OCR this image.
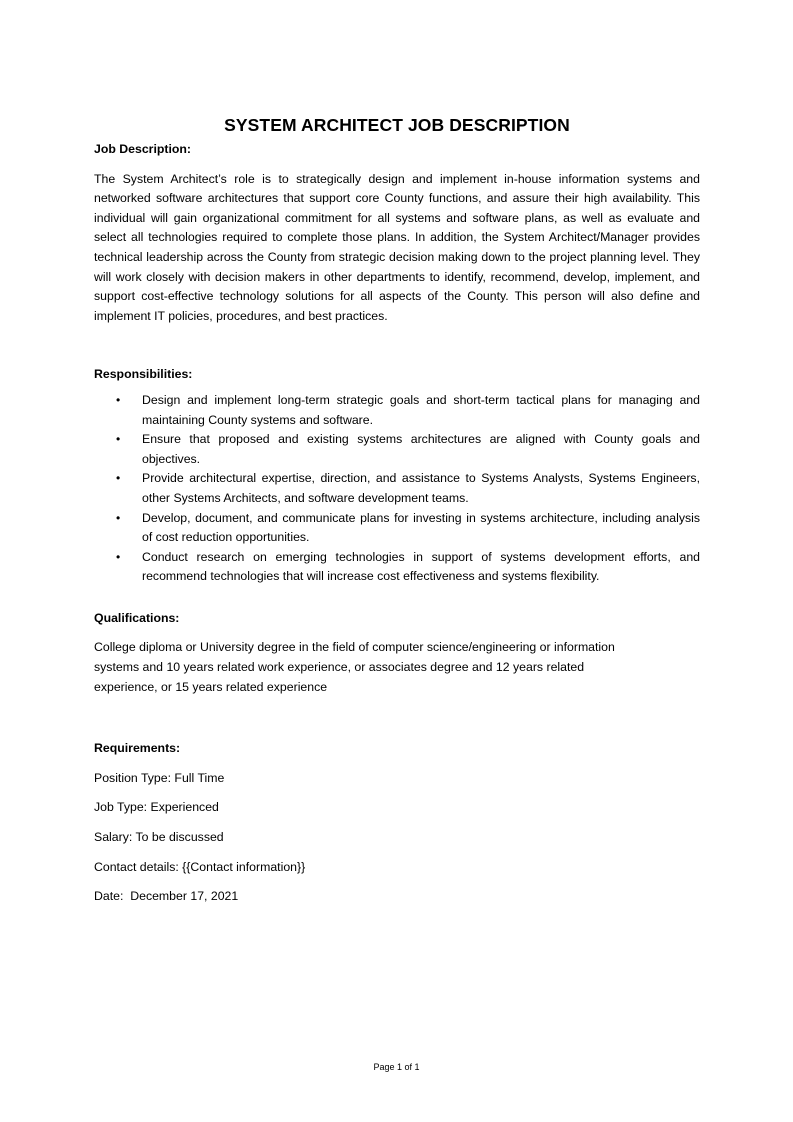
SYSTEM ARCHITECT JOB DESCRIPTION
Job Description:

The System Architect’s role is to strategically design and implement in-house information systems and networked software architectures that support core County functions, and assure their high availability. This individual will gain organizational commitment for all systems and software plans, as well as evaluate and select all technologies required to complete those plans. In addition, the System Architect/Manager provides technical leadership across the County from strategic decision making down to the project planning level. They will work closely with decision makers in other departments to identify, recommend, develop, implement, and support cost-effective technology solutions for all aspects of the County. This person will also define and implement IT policies, procedures, and best practices.

Responsibilities:
• Design and implement long-term strategic goals and short-term tactical plans for managing and maintaining County systems and software.
• Ensure that proposed and existing systems architectures are aligned with County goals and objectives.
• Provide architectural expertise, direction, and assistance to Systems Analysts, Systems Engineers, other Systems Architects, and software development teams.
• Develop, document, and communicate plans for investing in systems architecture, including analysis of cost reduction opportunities.
• Conduct research on emerging technologies in support of systems development efforts, and recommend technologies that will increase cost effectiveness and systems flexibility.
Qualifications:
College diploma or University degree in the field of computer science/engineering or information
systems and 10 years related work experience, or associates degree and 12 years related
experience, or 15 years related experience
Requirements:

Position Type: Full Time

Job Type: Experienced

Salary: To be discussed

Contact details: {{Contact information}}

Date:  December 17, 2021

Page 1 of 1
